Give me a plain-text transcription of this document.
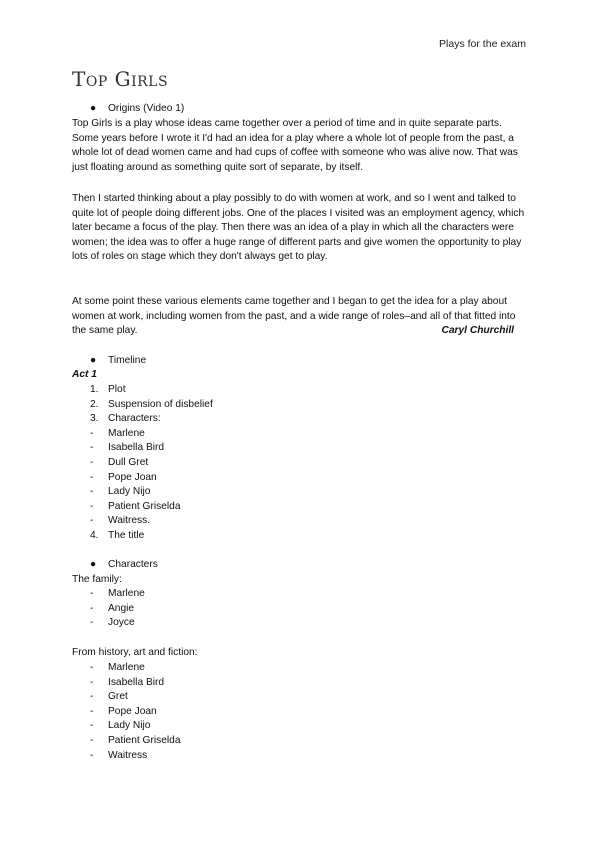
Plays for the exam
Top Girls
●	Origins (Video 1)

Top Girls is a play whose ideas came together over a period of time and in quite separate parts. Some years before I wrote it I'd had an idea for a play where a whole lot of people from the past, a whole lot of dead women came and had cups of coffee with someone who was alive now. That was just floating around as something quite sort of separate, by itself.

Then I started thinking about a play possibly to do with women at work, and so I went and talked to quite lot of people doing different jobs. One of the places I visited was an employment agency, which later became a focus of the play. Then there was an idea of a play in which all the characters were women; the idea was to offer a huge range of different parts and give women the opportunity to play lots of roles on stage which they don't always get to play.

At some point these various elements came together and I began to get the idea for a play about women at work, including women from the past, and a wide range of roles–and all of that fitted into the same play.	Caryl Churchill
●	Timeline
Act 1
1. Plot
2. Suspension of disbelief
3. Characters:
-	Marlene
-	Isabella Bird
-	Dull Gret
-	Pope Joan
-	Lady Nijo
-	Patient Griselda
-	Waitress.
4. The title
●	Characters
The family:
-	Marlene
-	Angie
-	Joyce
From history, art and fiction:
-	Marlene
-	Isabella Bird
-	Gret
-	Pope Joan
-	Lady Nijo
-	Patient Griselda
-	Waitress
